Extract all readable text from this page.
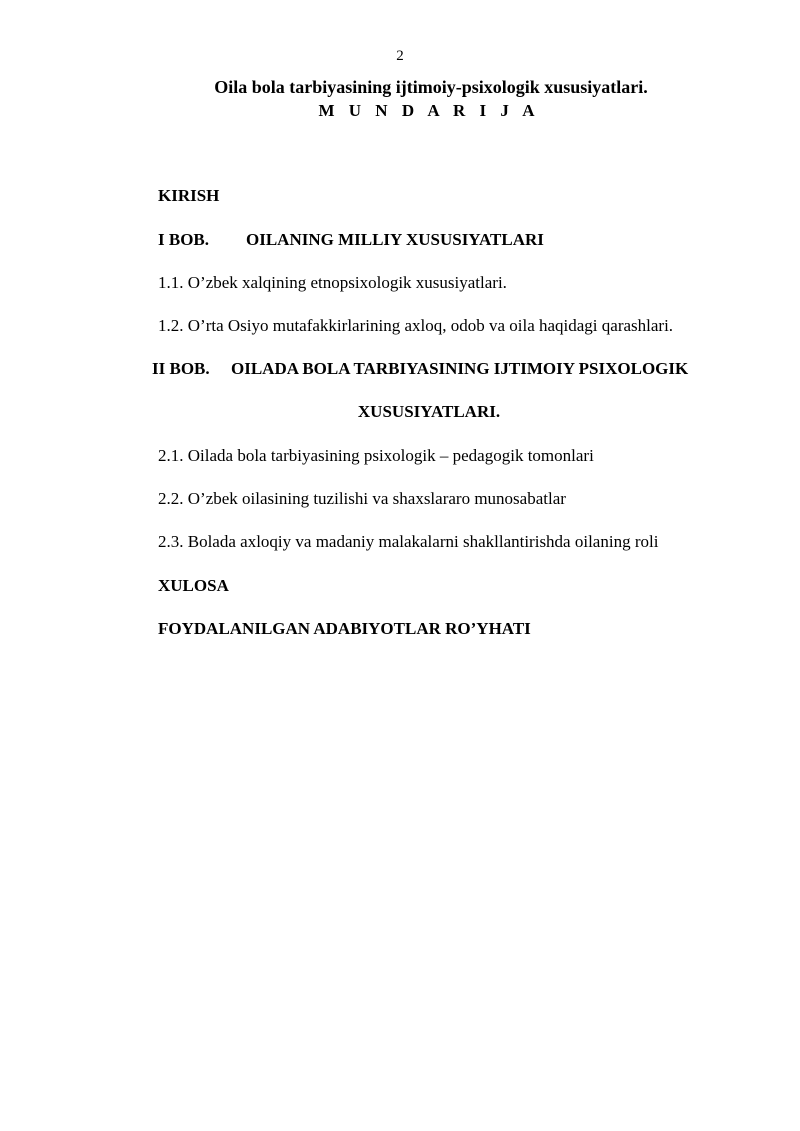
2
Oila bola tarbiyasining ijtimoiy-psixologik xususiyatlari.
M U N D A R I J A
KIRISH
I BOB. OILANING MILLIY XUSUSIYATLARI
1.1. O’zbek xalqining etnopsixologik xususiyatlari.
1.2. O’rta Osiyo mutafakkirlarining axloq, odob va oila haqidagi qarashlari.
II BOB. OILADA BOLA TARBIYASINING IJTIMOIY PSIXOLOGIK
XUSUSIYATLARI.
2.1. Oilada bola tarbiyasining psixologik – pedagogik tomonlari
2.2. O’zbek oilasining tuzilishi va shaxslararo munosabatlar
2.3. Bolada axloqiy va madaniy malakalarni shakllantirishda oilaning roli
XULOSA
FOYDALANILGAN ADABIYOTLAR RO’YHATI
